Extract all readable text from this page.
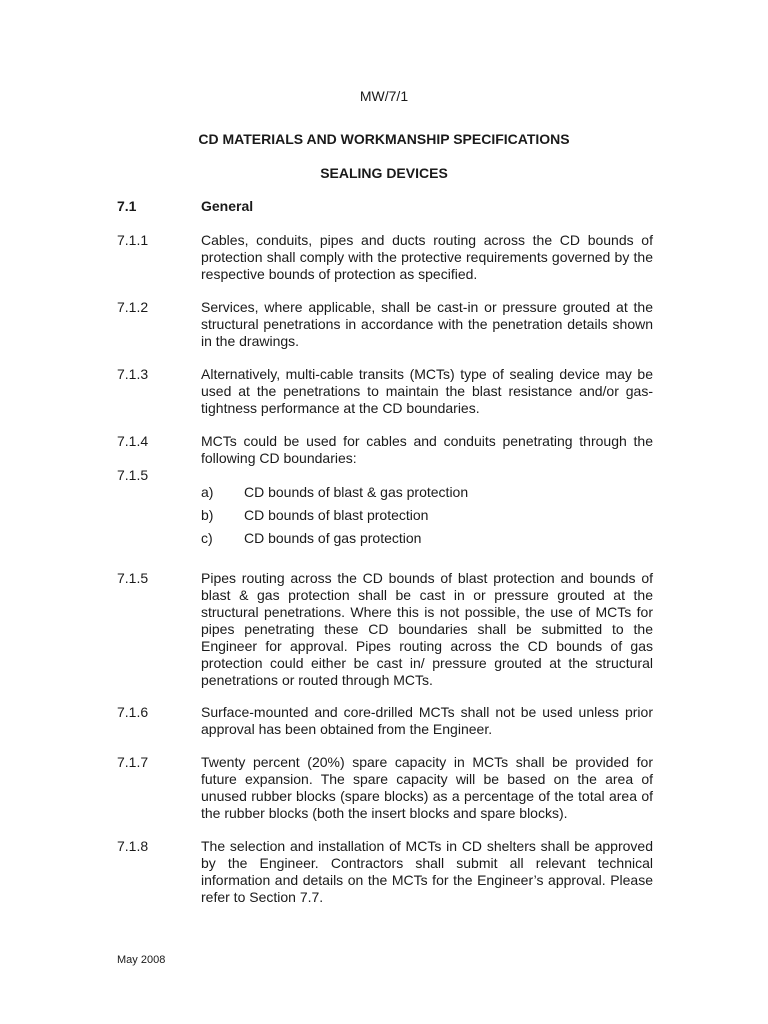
MW/7/1
CD MATERIALS AND WORKMANSHIP SPECIFICATIONS
SEALING DEVICES
7.1	General
7.1.1	Cables, conduits, pipes and ducts routing across the CD bounds of protection shall comply with the protective requirements governed by the respective bounds of protection as specified.
7.1.2	Services, where applicable, shall be cast-in or pressure grouted at the structural penetrations in accordance with the penetration details shown in the drawings.
7.1.3	Alternatively, multi-cable transits (MCTs) type of sealing device may be used at the penetrations to maintain the blast resistance and/or gas-tightness performance at the CD boundaries.
7.1.4	MCTs could be used for cables and conduits penetrating through the following CD boundaries:
7.1.5
a) CD bounds of blast & gas protection
b) CD bounds of blast protection
c) CD bounds of gas protection
7.1.5	Pipes routing across the CD bounds of blast protection and bounds of blast & gas protection shall be cast in or pressure grouted at the structural penetrations. Where this is not possible, the use of MCTs for pipes penetrating these CD boundaries shall be submitted to the Engineer for approval. Pipes routing across the CD bounds of gas protection could either be cast in/ pressure grouted at the structural penetrations or routed through MCTs.
7.1.6	Surface-mounted and core-drilled MCTs shall not be used unless prior approval has been obtained from the Engineer.
7.1.7	Twenty percent (20%) spare capacity in MCTs shall be provided for future expansion. The spare capacity will be based on the area of unused rubber blocks (spare blocks) as a percentage of the total area of the rubber blocks (both the insert blocks and spare blocks).
7.1.8	The selection and installation of MCTs in CD shelters shall be approved by the Engineer. Contractors shall submit all relevant technical information and details on the MCTs for the Engineer’s approval. Please refer to Section 7.7.
May 2008
